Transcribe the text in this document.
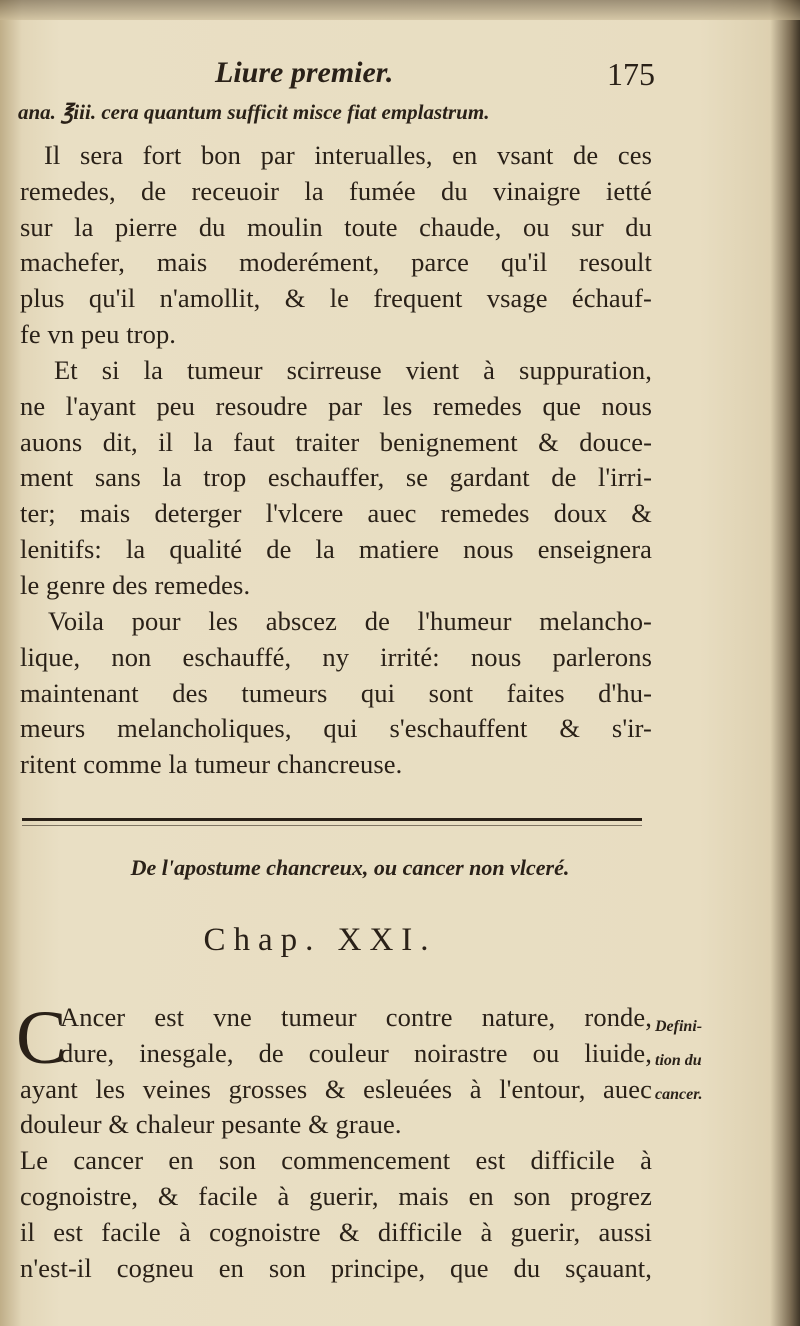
Liure premier.	175
ana. ℥iii. cera quantum sufficit misce fiat emplastrum.
Il sera fort bon par interualles, en vsant de ces
remedes, de receuoir la fumée du vinaigre ietté
sur la pierre du moulin toute chaude, ou sur du
machefer, mais moderément, parce qu'il resoult
plus qu'il n'amollit, & le frequent vsage échauf-
fe vn peu trop.
Et si la tumeur scirreuse vient à suppuration,
ne l'ayant peu resoudre par les remedes que nous
auons dit, il la faut traiter benignement & douce-
ment sans la trop eschauffer, se gardant de l'irri-
ter; mais deterger l'vlcere auec remedes doux &
lenitifs: la qualité de la matiere nous enseignera
le genre des remedes.
Voila pour les abscez de l'humeur melancho-
lique, non eschauffé, ny irrité: nous parlerons
maintenant des tumeurs qui sont faites d'hu-
meurs melancholiques, qui s'eschauffent & s'ir-
ritent comme la tumeur chancreuse.
De l'apostume chancreux, ou cancer non vlceré.
Chap. XXI.
C
Ancer est vne tumeur contre nature, ronde,
dure, inesgale, de couleur noirastre ou liuide,
ayant les veines grosses & esleuées à l'entour, auec
douleur & chaleur pesante & graue.
Le cancer en son commencement est difficile à
cognoistre, & facile à guerir, mais en son progrez
il est facile à cognoistre & difficile à guerir, aussi
n'est-il cogneu en son principe, que du sçauant,
Defini-
tion du
cancer.
